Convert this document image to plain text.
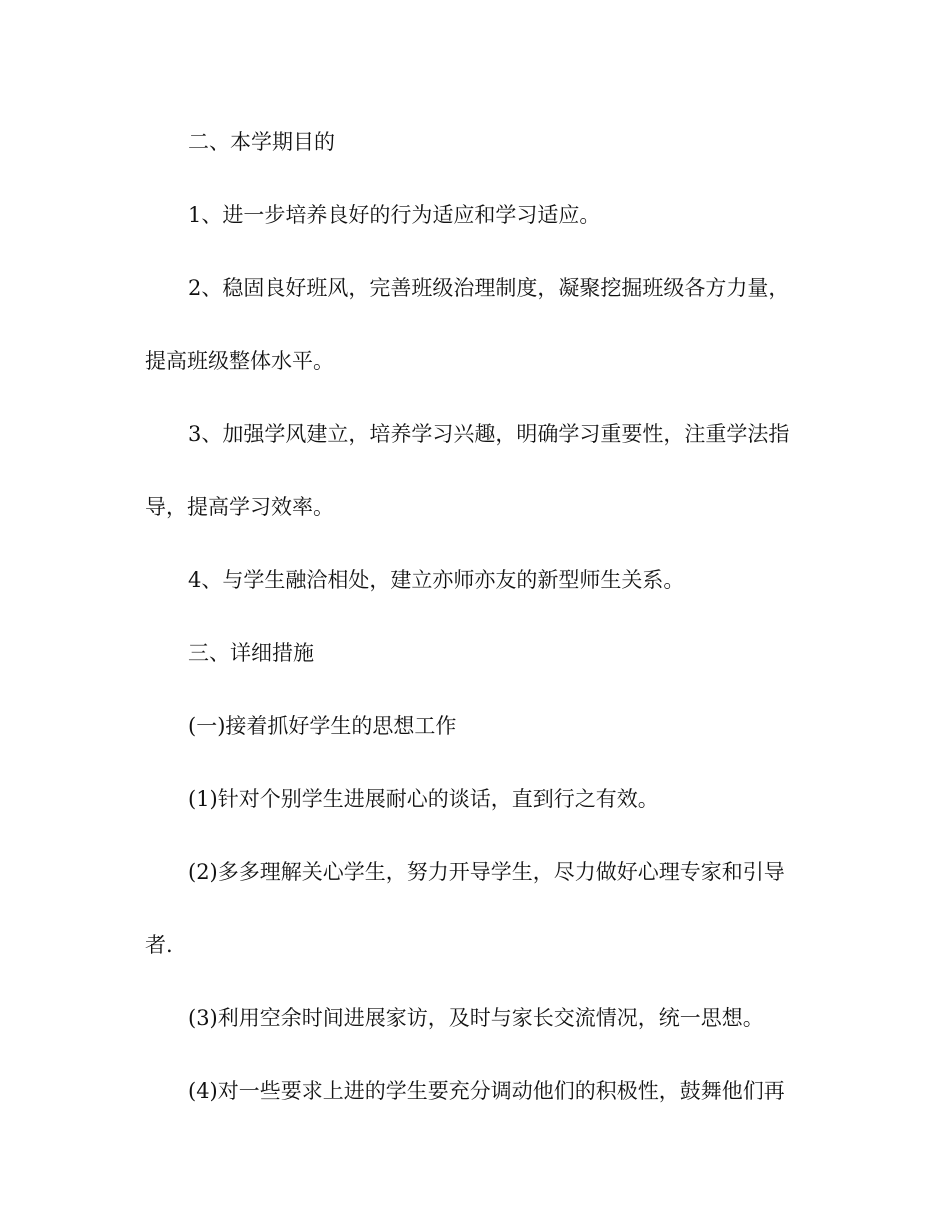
二、本学期目的
1、进一步培养良好的行为适应和学习适应。
2、稳固良好班风，完善班级治理制度，凝聚挖掘班级各方力量，
提高班级整体水平。
3、加强学风建立，培养学习兴趣，明确学习重要性，注重学法指
导，提高学习效率。
4、与学生融洽相处，建立亦师亦友的新型师生关系。
三、详细措施
(一)接着抓好学生的思想工作
(1)针对个别学生进展耐心的谈话，直到行之有效。
(2)多多理解关心学生，努力开导学生，尽力做好心理专家和引导
者.
(3)利用空余时间进展家访，及时与家长交流情况，统一思想。
(4)对一些要求上进的学生要充分调动他们的积极性，鼓舞他们再
